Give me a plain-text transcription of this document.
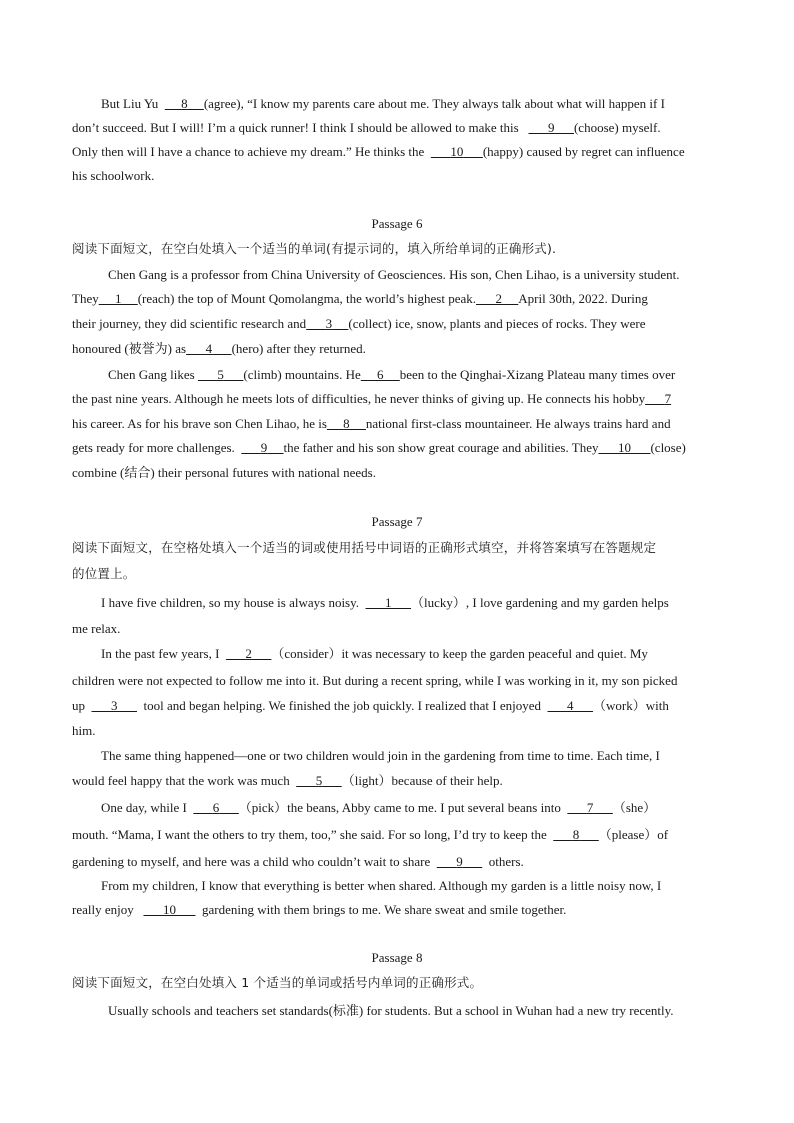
But Liu Yu 8 (agree), “I know my parents care about me. They always talk about what will happen if I
don’t succeed. But I will! I’m a quick runner! I think I should be allowed to make this 9 (choose) myself.
Only then will I have a chance to achieve my dream.” He thinks the 10 (happy) caused by regret can influence
his schoolwork.
Passage 6
阅读下面短文，在空白处填入一个适当的单词(有提示词的，填入所给单词的正确形式).
Chen Gang is a professor from China University of Geosciences. His son, Chen Lihao, is a university student.
They 1 (reach) the top of Mount Qomolangma, the world’s highest peak. 2 April 30th, 2022. During
their journey, they did scientific research and 3 (collect) ice, snow, plants and pieces of rocks. They were
honoured (被誉为) as 4 (hero) after they returned.
Chen Gang likes 5 (climb) mountains. He 6 been to the Qinghai-Xizang Plateau many times over
the past nine years. Although he meets lots of difficulties, he never thinks of giving up. He connects his hobby 7
his career. As for his brave son Chen Lihao, he is 8 national first-class mountaineer. He always trains hard and
gets ready for more challenges. 9 the father and his son show great courage and abilities. They 10 (close)
combine (结合) their personal futures with national needs.
Passage 7
阅读下面短文，在空格处填入一个适当的词或使用括号中词语的正确形式填空，并将答案填写在答题规定
的位置上。
I have five children, so my house is always noisy. 1 （lucky）, I love gardening and my garden helps
me relax.
In the past few years, I 2 （consider）it was necessary to keep the garden peaceful and quiet. My
children were not expected to follow me into it. But during a recent spring, while I was working in it, my son picked
up 3 tool and began helping. We finished the job quickly. I realized that I enjoyed 4 （work）with
him.
The same thing happened—one or two children would join in the gardening from time to time. Each time, I
would feel happy that the work was much 5 （light）because of their help.
One day, while I 6 （pick）the beans, Abby came to me. I put several beans into 7 （she）
mouth. “Mama, I want the others to try them, too,” she said. For so long, I’d try to keep the 8 （please）of
gardening to myself, and here was a child who couldn’t wait to share 9 others.
From my children, I know that everything is better when shared. Although my garden is a little noisy now, I
really enjoy 10 gardening with them brings to me. We share sweat and smile together.
Passage 8
阅读下面短文，在空白处填入 1 个适当的单词或括号内单词的正确形式。
Usually schools and teachers set standards(标准) for students. But a school in Wuhan had a new try recently.
